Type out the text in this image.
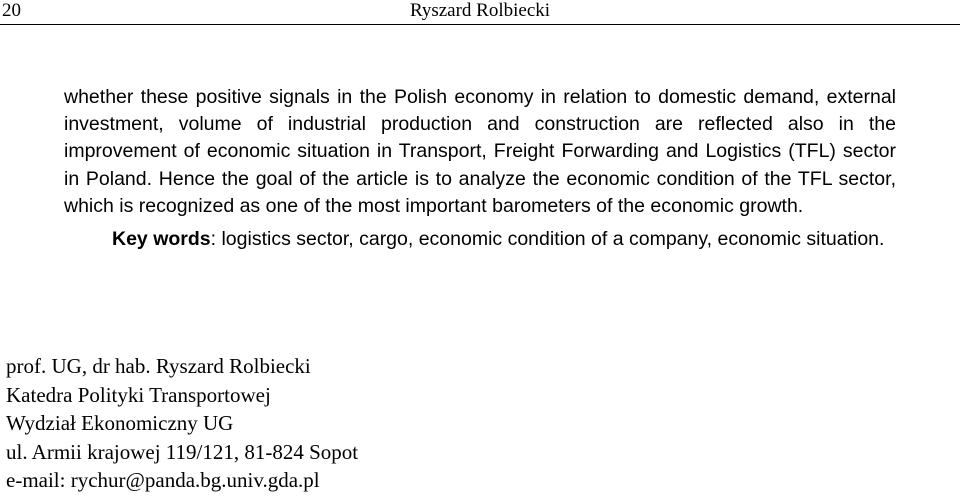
20	Ryszard Rolbiecki

whether these positive signals in the Polish economy in relation to domestic demand, external investment, volume of industrial production and construction are reflected also in the improvement of economic situation in Transport, Freight Forwarding and Logistics (TFL) sector in Poland. Hence the goal of the article is to analyze the economic condition of the TFL sector, which is recognized as one of the most important barometers of the economic growth.

Key words: logistics sector, cargo, economic condition of a company, economic situation.

prof. UG, dr hab. Ryszard Rolbiecki
Katedra Polityki Transportowej
Wydział Ekonomiczny UG
ul. Armii krajowej 119/121, 81-824 Sopot
e-mail: rychur@panda.bg.univ.gda.pl
